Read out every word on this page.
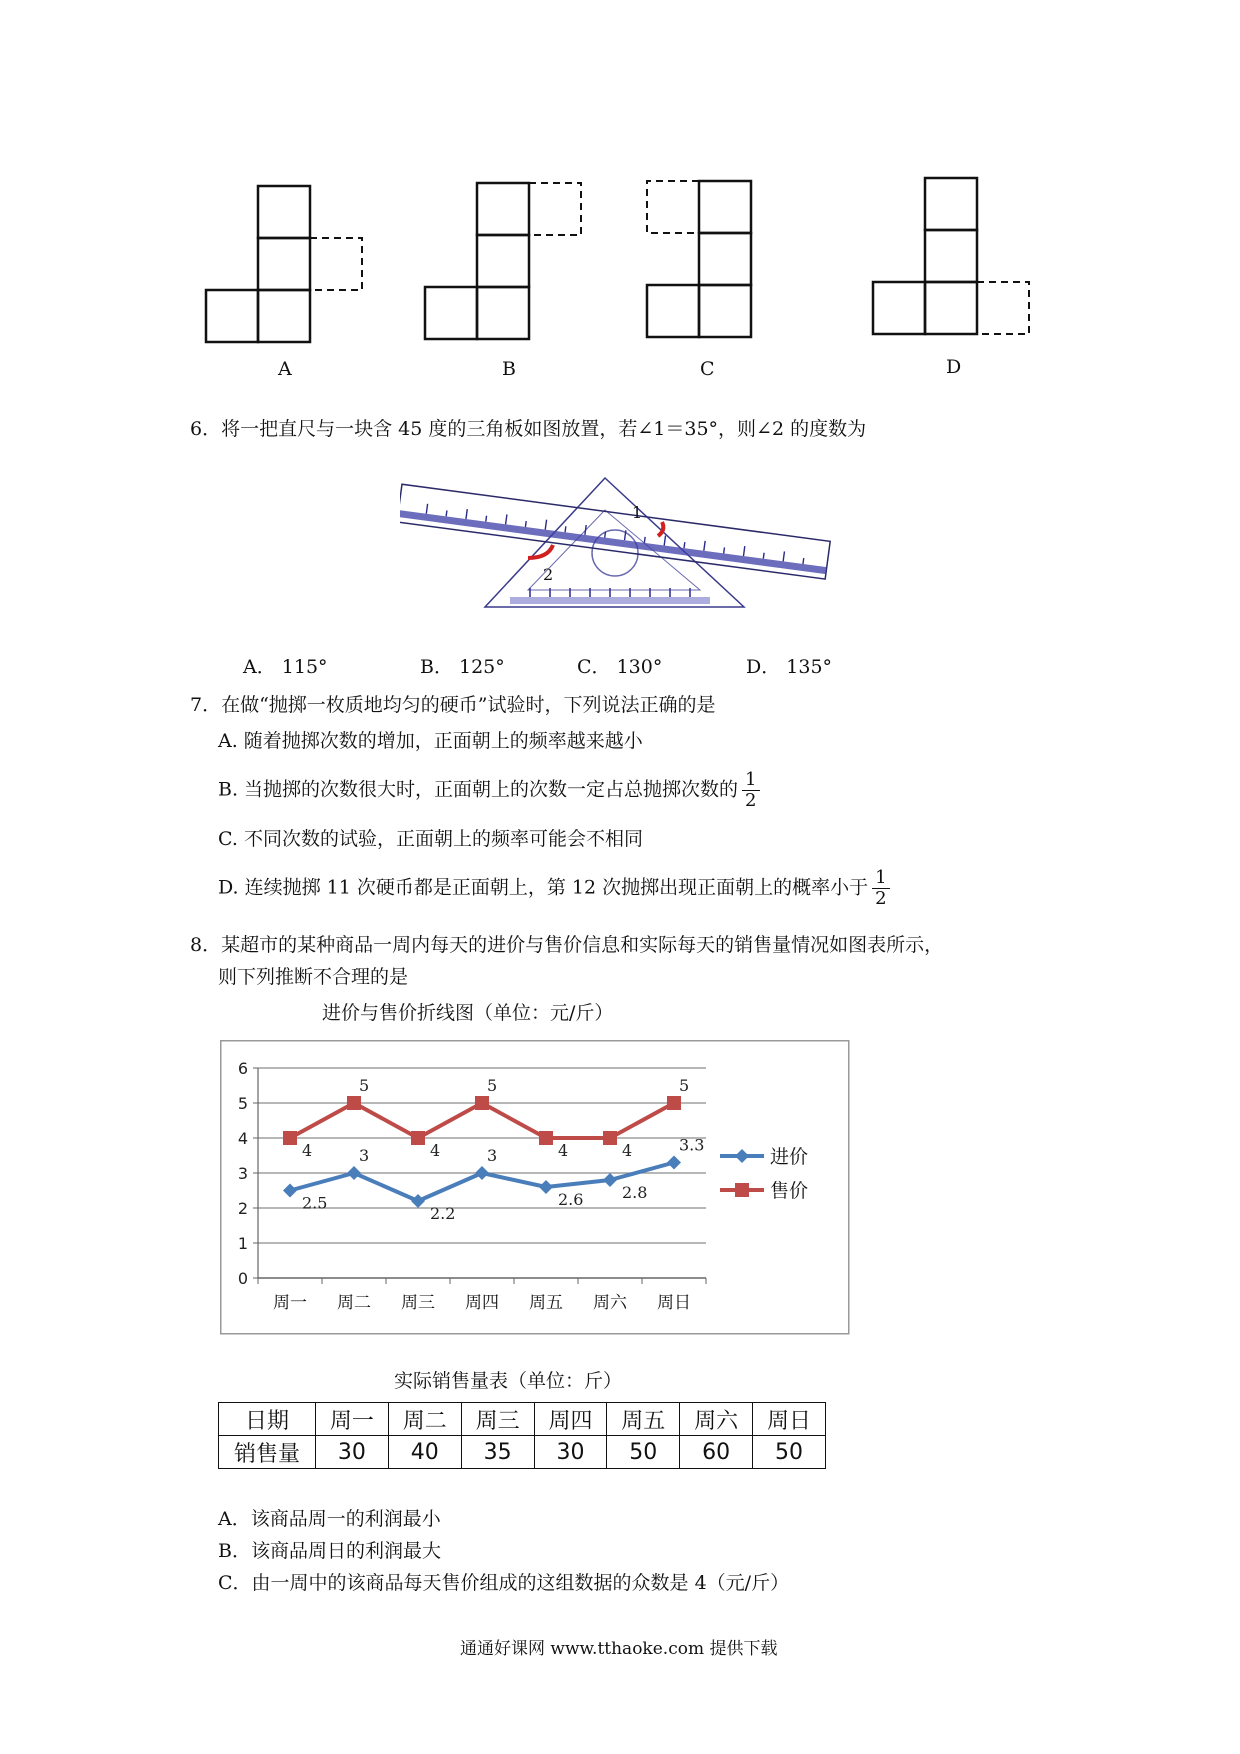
A	B	C	D
6．将一把直尺与一块含 45 度的三角板如图放置，若∠1＝35°，则∠2 的度数为
1
2
A． 115°	B． 125°	C． 130°	D． 135°
7．在做“抛掷一枚质地均匀的硬币”试验时，下列说法正确的是
A. 随着抛掷次数的增加，正面朝上的频率越来越小
B. 当抛掷的次数很大时，正面朝上的次数一定占总抛掷次数的 $\frac{1}{2}$
C. 不同次数的试验，正面朝上的频率可能会不相同
D. 连续抛掷 11 次硬币都是正面朝上，第 12 次抛掷出现正面朝上的概率小于 $\frac{1}{2}$
8．某超市的某种商品一周内每天的进价与售价信息和实际每天的销售量情况如图表所示，
则下列推断不合理的是
进价与售价折线图（单位：元/斤）
0
1
2
3
4
5
6
周一 周二 周三 周四 周五 周六 周日
2.5
3
2.2
3
2.6 2.8
3.3
4
5
4
5
4	4
5
进价
售价
实际销售量表（单位：斤）
日期	周一	周二	周三	周四	周五	周六	周日
销售量	30	40	35	30	50	60	50
A．该商品周一的利润最小
B．该商品周日的利润最大
C．由一周中的该商品每天售价组成的这组数据的众数是 4（元/斤）
通通好课网 www.tthaoke.com 提供下载
